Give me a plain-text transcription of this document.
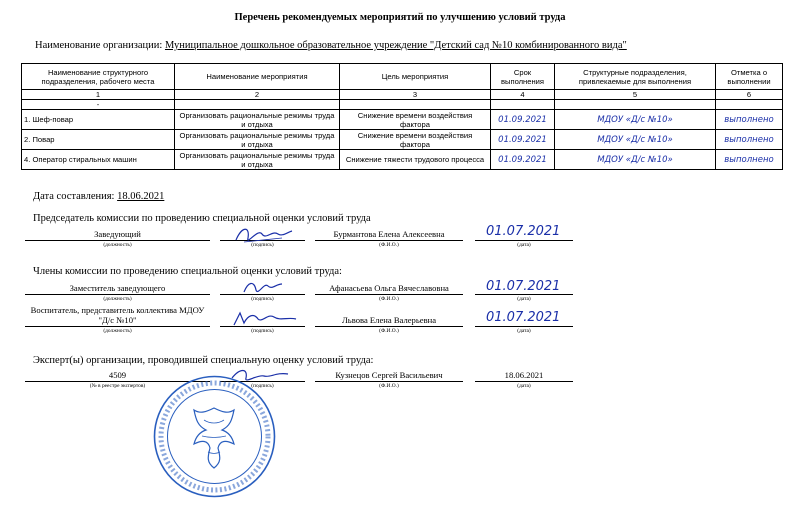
Перечень рекомендуемых мероприятий по улучшению условий труда
Наименование организации: Муниципальное дошкольное образовательное учреждение "Детский сад №10 комбинированного вида"
Наименование структурного подразделения, рабочего места	Наименование мероприятия	Цель мероприятия	Срок выполнения	Структурные подразделения, привлекаемые для выполнения	Отметка о выполнении
1	2	3	4	5	6
-					
1. Шеф-повар	Организовать рациональные режимы труда и отдыха	Снижение времени воздействия фактора	01.09.2021	МДОУ «Д/с №10»	выполнено
2. Повар	Организовать рациональные режимы труда и отдыха	Снижение времени воздействия фактора	01.09.2021	МДОУ «Д/с №10»	выполнено
4. Оператор стиральных машин	Организовать рациональные режимы труда и отдыха	Снижение тяжести трудового процесса	01.09.2021	МДОУ «Д/с №10»	выполнено
Дата составления: 18.06.2021
Председатель комиссии по проведению специальной оценки условий труда
Заведующий	Бурмантова Елена Алексеевна	01.07.2021
(должность)	(подпись)	(Ф.И.О.)	(дата)
Члены комиссии по проведению специальной оценки условий труда:
Заместитель заведующего	Афанасьева Ольга Вячеславовна	01.07.2021
(должность)	(подпись)	(Ф.И.О.)	(дата)
Воспитатель, представитель коллектива МДОУ "Д/с №10"	Львова Елена Валерьевна	01.07.2021
(должность)	(подпись)	(Ф.И.О.)	(дата)
Эксперт(ы) организации, проводившей специальную оценку условий труда:
4509	Кузнецов Сергей Васильевич	18.06.2021
(№ в реестре экспертов)	(подпись)	(Ф.И.О.)	(дата)
